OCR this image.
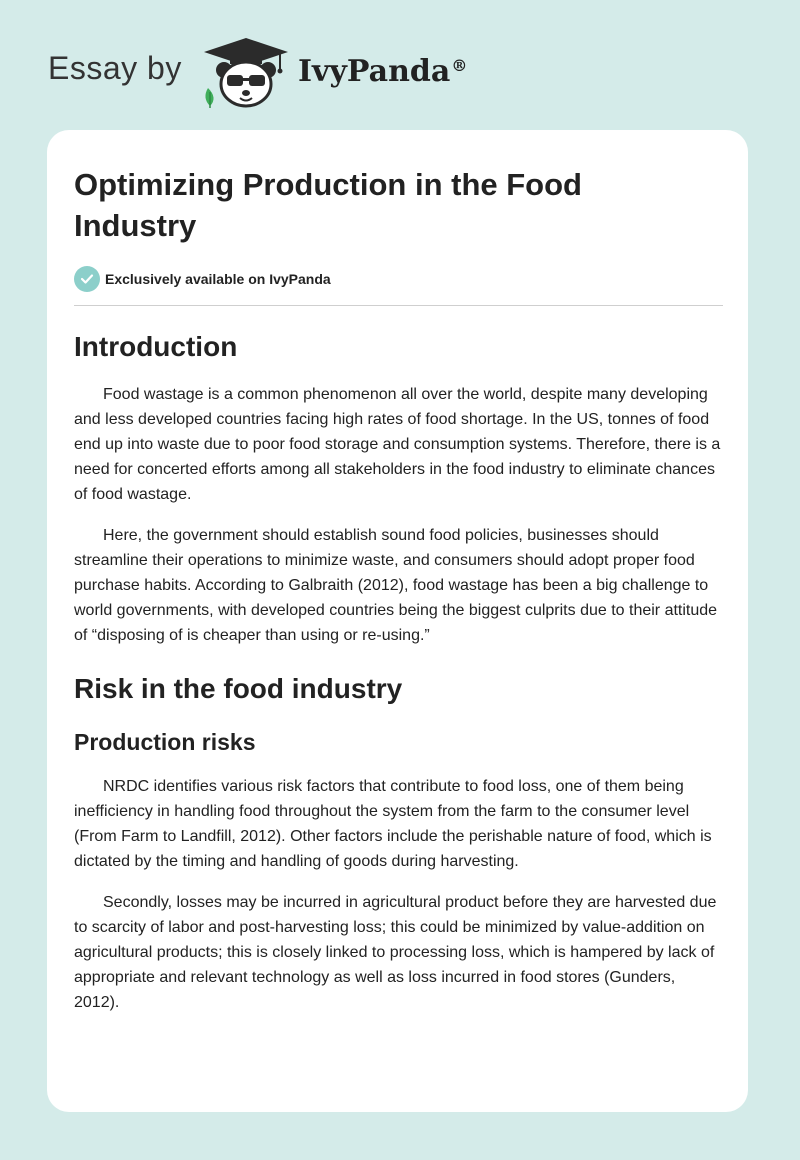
Essay by	IvyPanda®
Optimizing Production in the Food Industry
Exclusively available on IvyPanda
Introduction

Food wastage is a common phenomenon all over the world, despite many developing and less developed countries facing high rates of food shortage. In the US, tonnes of food end up into waste due to poor food storage and consumption systems. Therefore, there is a need for concerted efforts among all stakeholders in the food industry to eliminate chances of food wastage.

Here, the government should establish sound food policies, businesses should streamline their operations to minimize waste, and consumers should adopt proper food purchase habits. According to Galbraith (2012), food wastage has been a big challenge to world governments, with developed countries being the biggest culprits due to their attitude of “disposing of is cheaper than using or re-using.”

Risk in the food industry
Production risks

NRDC identifies various risk factors that contribute to food loss, one of them being inefficiency in handling food throughout the system from the farm to the consumer level (From Farm to Landfill, 2012). Other factors include the perishable nature of food, which is dictated by the timing and handling of goods during harvesting.

Secondly, losses may be incurred in agricultural product before they are harvested due to scarcity of labor and post-harvesting loss; this could be minimized by value-addition on agricultural products; this is closely linked to processing loss, which is hampered by lack of appropriate and relevant technology as well as loss incurred in food stores (Gunders, 2012).
